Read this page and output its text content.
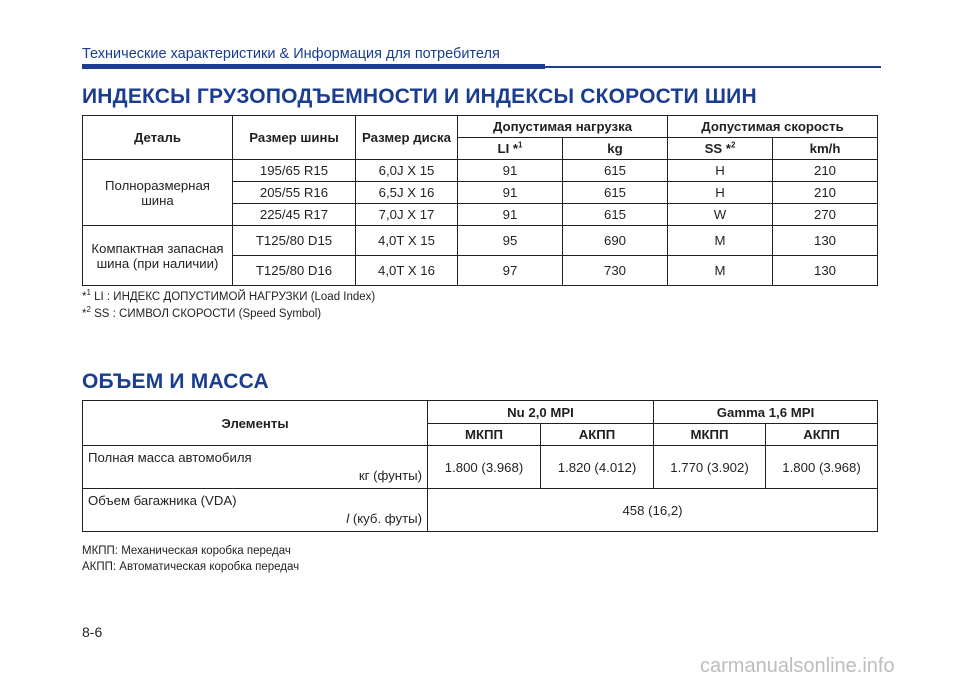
Технические характеристики & Информация для потребителя
ИНДЕКСЫ ГРУЗОПОДЪЕМНОСТИ И ИНДЕКСЫ СКОРОСТИ ШИН
Деталь	Размер шины	Размер диска	Допустимая нагрузка		Допустимая скорость	
			LI *$^1$	kg	SS *$^2$	km/h
Полноразмерная шина	195/65 R15	6,0J X 15	91	615	H	210
	205/55 R16	6,5J X 16	91	615	H	210
	225/45 R17	7,0J X 17	91	615	W	270
Компактная запасная шина (при наличии)	T125/80 D15	4,0T X 15	95	690	M	130
	T125/80 D16	4,0T X 16	97	730	M	130
*$^1$ LI : ИНДЕКС ДОПУСТИМОЙ НАГРУЗКИ (Load Index)
*$^2$ SS : СИМВОЛ СКОРОСТИ (Speed Symbol)
ОБЪЕМ И МАССА
Элементы	Nu 2,0 MPI		Gamma 1,6 MPI	
	МКПП	АКПП	МКПП	АКПП

Полная масса автомобиля
кг (фунты)	1.800 (3.968)	1.820 (4.012)	1.770 (3.902)	1.800 (3.968)

Объем багажника (VDA)
l (куб. футы)	458 (16,2)			
МКПП: Механическая коробка передач
АКПП: Автоматическая коробка передач
8-6
carmanualsonline.info
